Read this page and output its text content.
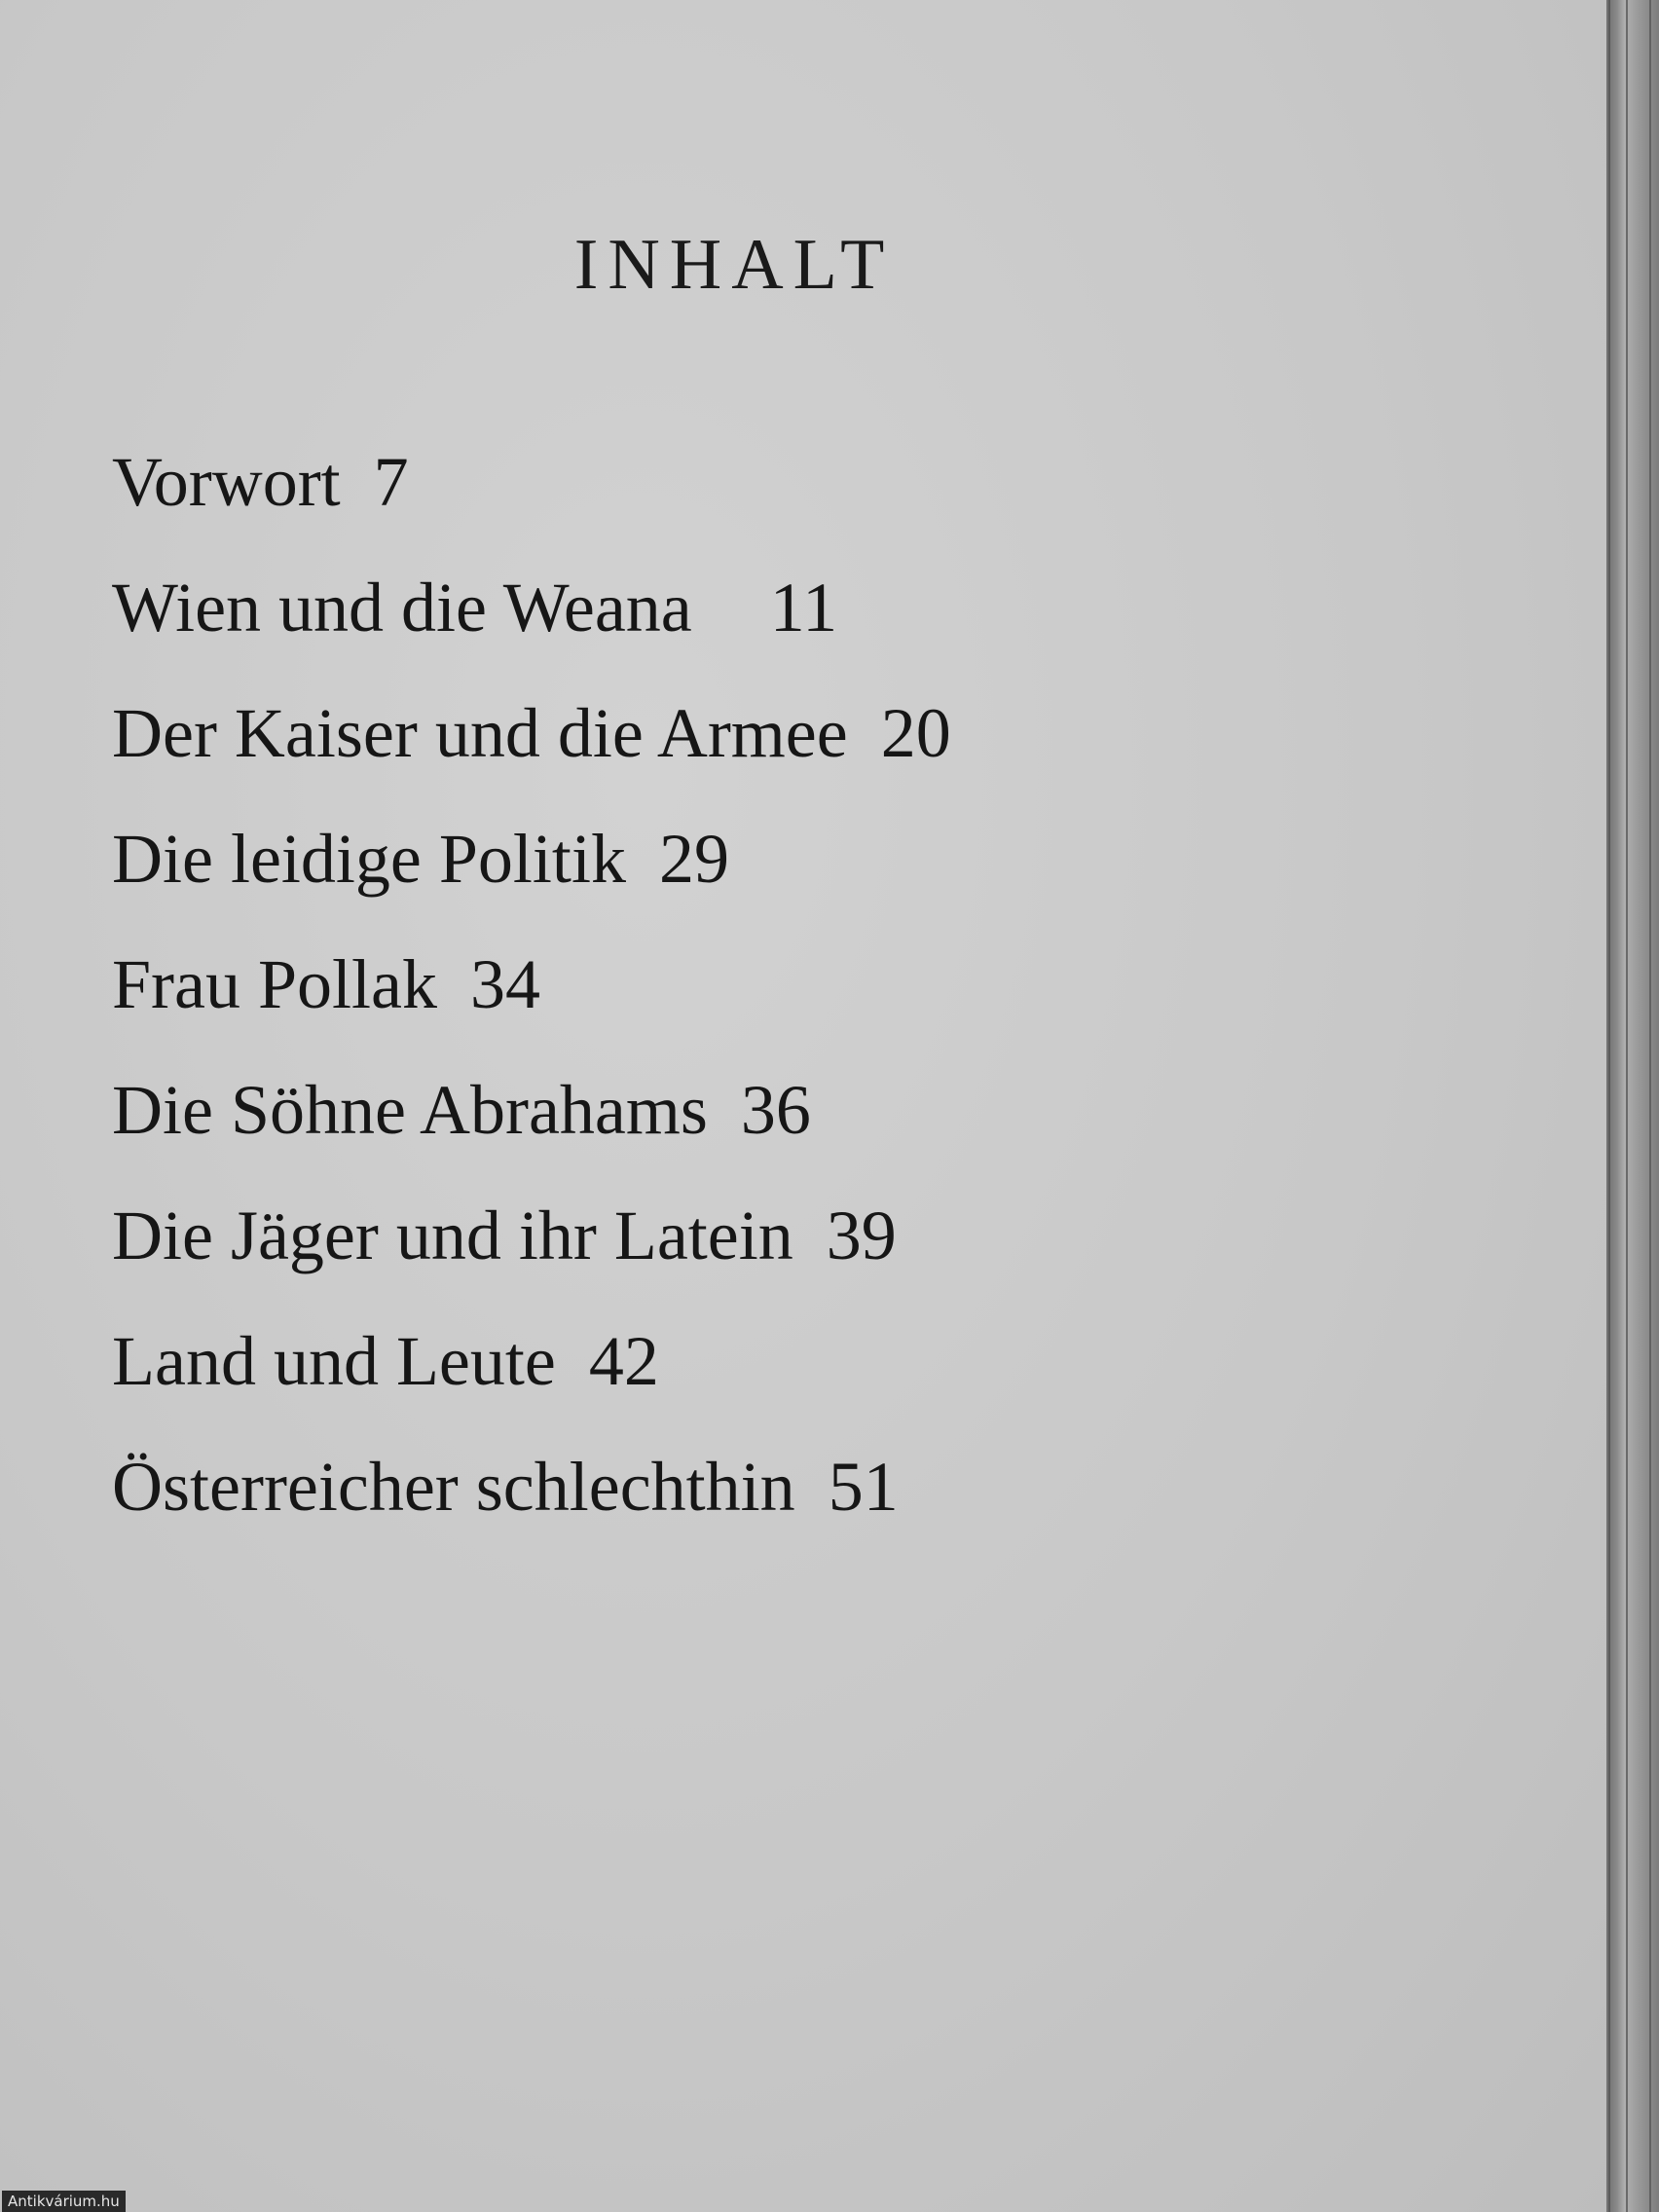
INHALT
Vorwort 7
Wien und die Weana 11
Der Kaiser und die Armee 20
Die leidige Politik 29
Frau Pollak 34
Die Söhne Abrahams 36
Die Jäger und ihr Latein 39
Land und Leute 42
Österreicher schlechthin 51
Antikvárium.hu
